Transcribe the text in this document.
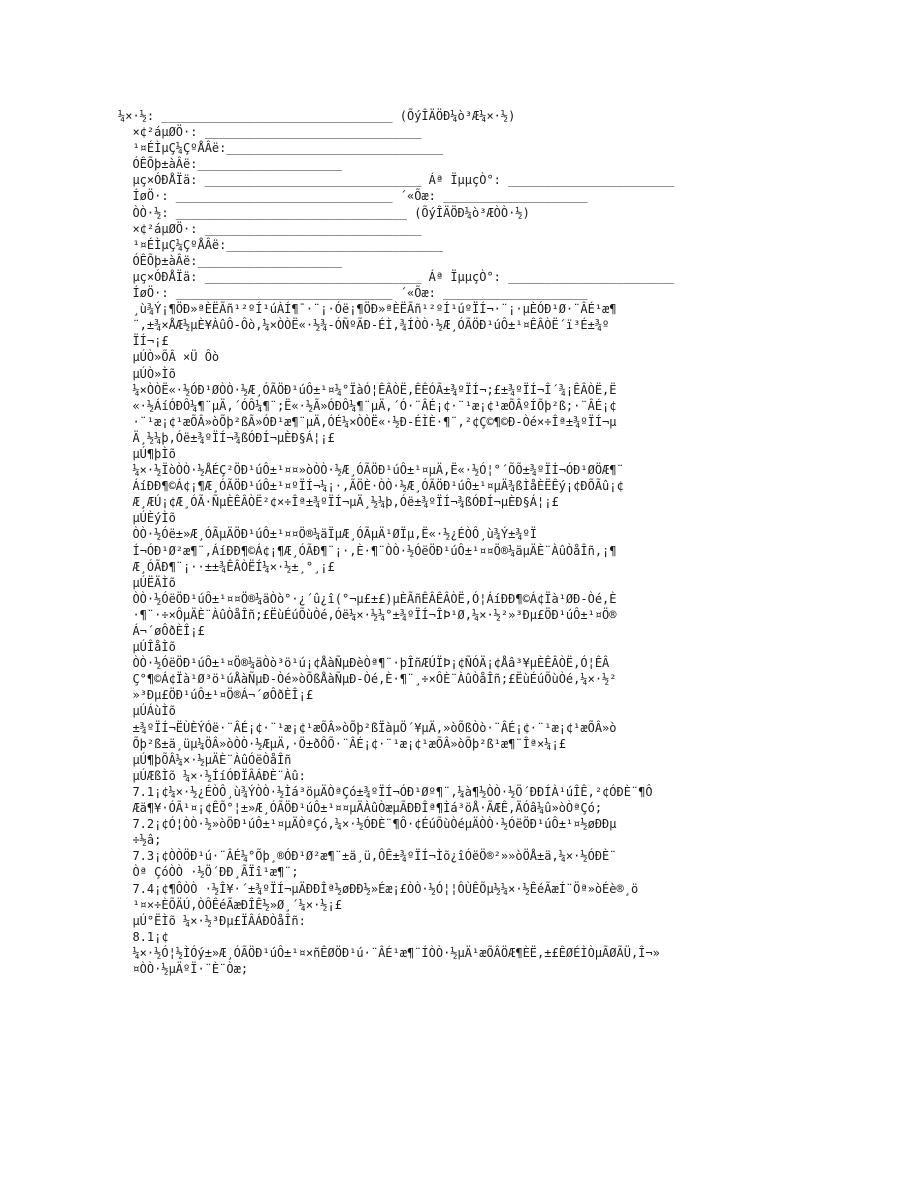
¼×·½: ________________________________ (ÕýÎÄÖÐ¼ò³Æ¼×·½)
×¢²áµØÖ·: ______________________________
¹¤ÉÌµÇ¼ÇºÅÂë:______________________________
ÓÊÕþ±àÂë:____________________
µç×ÓÐÅÏä: ______________________________ Áª ÏµµçÒ°: _______________________
ÍøÖ·: ______________________________ ´«Õæ: ____________________
ÒÒ·½: ________________________________ (ÕýÎÄÖÐ¼ò³ÆÒÒ·½)
×¢²áµØÖ·: ______________________________
¹¤ÉÌµÇ¼ÇºÅÂë:______________________________
ÓÊÕþ±àÂë:____________________
µç×ÓÐÅÏä: ______________________________ Áª ÏµµçÒ°: _______________________
ÍøÖ·: ______________________________ ´«Õæ: ____________________
¸ù¾Ý¡¶ÖÐ»ªÈËÃñ¹²ºÍ¹úÀÍ¶¯·¨¡·Óë¡¶ÖÐ»ªÈËÃñ¹²ºÍ¹úºÏÍ¬·¨¡·µÈÓÐ¹Ø·¨ÂÉ¹æ¶
¨,±¾×ÅÆ½µÈ¥ÀûÔ-Ôò,¼×ÒÒË«·½¾-ÓÑºÃÐ-ÉÌ,¾ÍÒÒ·½Æ¸ÓÃÖÐ¹úÔ±¹¤ÊÂÒË´ï³É±¾º
ÏÍ¬¡£
µÚÒ»ÕÂ ×Ü Ôò
µÚÒ»Ìõ
¼×ÒÒË«·½ÓÐ¹ØÒÒ·½Æ¸ÓÃÖÐ¹úÔ±¹¤¼°ÏàÓ¦ÊÂÒË,ÊÊÓÃ±¾ºÏÍ¬;£±¾ºÏÍ¬Î´¾¡ÊÂÒË,Ë
«·½ÁíÓÐÔ¼¶¨µÄ,´ÓÔ¼¶¨;Ë«·½Ã»ÓÐÔ¼¶¨µÄ,´Ó·¨ÂÉ¡¢·¨¹æ¡¢¹æÕÂºÍÕþ²ß;·¨ÂÉ¡¢
·¨¹æ¡¢¹æÕÂ»òÕþ²ßÃ»ÓÐ¹æ¶¨µÄ,ÓÉ¼×ÒÒË«·½Ð-ÉÌÈ·¶¨,²¢Ç©¶©Ð-Òé×÷Îª±¾ºÏÍ¬µ
Ä¸½¼þ,Óë±¾ºÏÍ¬¾ßÓÐÍ¬µÈÐ§Á¦¡£
µÚ¶þÌõ
¼×·½ÏòÒÒ·½ÅÉÇ²ÖÐ¹úÔ±¹¤¤»òÒÒ·½Æ¸ÓÃÖÐ¹úÔ±¹¤µÄ,Ë«·½Ó¦°´ÕÕ±¾ºÏÍ¬ÓÐ¹ØÖÆ¶¨
ÁíÐÐ¶©Á¢¡¶Æ¸ÓÃÖÐ¹úÔ±¹¤ºÏÍ¬¼¡·,ÃÖÈ·ÒÒ·½Æ¸ÓÃÖÐ¹úÔ±¹¤µÄ¾ßÌåÈËÊý¡¢ÐÕÃû¡¢
Æ¸ÆÚ¡¢Æ¸ÓÃ·ÑµÈÊÂÒË²¢×÷Îª±¾ºÏÍ¬µÄ¸½¼þ,Óë±¾ºÏÍ¬¾ßÓÐÍ¬µÈÐ§Á¦¡£
µÚÈýÌõ
ÒÒ·½Óë±»Æ¸ÓÃµÄÖÐ¹úÔ±¹¤¤Ö®¼äÏµÆ¸ÓÃµÄ¹ØÏµ,Ë«·½¿ÉÒÔ¸ù¾Ý±¾ºÏ
Í¬ÓÐ¹Ø²æ¶¨,ÁíÐÐ¶©Á¢¡¶Æ¸ÓÃÐ¶¨¡·,È·¶¨ÒÒ·½ÓëÖÐ¹úÔ±¹¤¤Ö®¼äµÄÈ¨ÀûÒåÎñ,¡¶
Æ¸ÓÃÐ¶¨¡··±±¾ÊÂÒËÍ¼×·½±¸°¸¡£
µÚËÄÌõ
ÒÒ·½ÓëÖÐ¹úÔ±¹¤¤Ö®¼äÒò°·¿´û¿î(°¬µ£±£)µÈÃñÊÂÊÂÒË,Ó¦ÁíÐÐ¶©Á¢Ïà¹ØÐ-Òé,È
·¶¨·÷×ÔµÄÈ¨ÀûÒåÎñ;£ËùÉúÕùÒé,Óë¼×·½¼°±¾ºÏÍ¬ÎÞ¹Ø,¼×·½²»³Ðµ£ÖÐ¹úÔ±¹¤Ö®
Á¬´øÔðÈÎ¡£
µÚÎåÌõ
ÒÒ·½ÓëÖÐ¹úÔ±¹¤Ö®¼äÒò³ö¹ú¡¢ÅàÑµÐèÒª¶¨·þÎñÆÚÏÞ¡¢ÑÓÄ¡¢Åâ³¥µÈÊÂÒË,Ó¦ÊÂ
Ç°¶©Á¢Ïà¹Ø³ö¹úÅàÑµÐ-Òé»òÕßÅàÑµÐ-Òé,È·¶¨¸÷×ÔÈ¨ÀûÒåÎñ;£ËùÉúÕùÒé,¼×·½²
»³Ðµ£ÖÐ¹úÔ±¹¤Ö®Á¬´øÔðÈÎ¡£
µÚÁùÌõ
±¾ºÏÍ¬ËÙÈÝÓë·¨ÂÉ¡¢·¨¹æ¡¢¹æÕÂ»òÕþ²ßÏàµÖ´¥µÄ,»òÕßÒò·¨ÂÉ¡¢·¨¹æ¡¢¹æÕÂ»ò
Õþ²ß±ä¸üµ¼ÖÂ»òÒÒ·½ÆµÄ,·Ö±ðÔÕ·¨ÂÉ¡¢·¨¹æ¡¢¹æÕÂ»òÕþ²ß¹æ¶¨Îª×¼¡£
µÚ¶þÕÂ¼×·½µÄÈ¨ÀûÓëÒåÎñ
µÚÆßÌõ ¼×·½ÍíÓÐÏÂÁÐÈ¨Àû:
7.1¡¢¼×·½¿ÉÒÔ¸ù¾ÝÒÒ·½Ìá³öµÄÒªÇó±¾ºÏÍ¬ÓÐ¹Øº¶¨,¼à¶½ÒÒ·½Ö´ÐÐÍÀ¹úÎÊ,²¢ÓÐÈ¨¶Ô
Æä¶¥·ÓÃ¹¤¡¢ÊÕ°¦±»Æ¸ÓÃÖÐ¹úÔ±¹¤¤µÄÀûÒæµÃÐÐÎª¶Ìá³öÅ·ÃÆÊ,ÄÓâ¼û»òÒªÇó;
7.2¡¢Ó¦ÒÒ·½»òÖÐ¹úÔ±¹¤µÄÒªÇó,¼×·½ÓÐÈ¨¶Ô·¢ÉúÕùÒéµÄÒÒ·½ÓëÖÐ¹úÔ±¹¤½øÐÐµ
÷½â;
7.3¡¢ÒÒÖÐ¹ú·¨ÂÉ¼°Õþ¸®ÓÐ¹Ø²æ¶¨±ä¸ü,ÔÊ±¾ºÏÍ¬Ìõ¿îÓëÖ®²»»òÖÅ±ä,¼×·½ÓÐÈ¨
Òª ÇóÒÒ ·½Ö´ÐÐ¸ÃÏî¹æ¶¨;
7.4¡¢¶ÔÒÒ ·½Î¥·´±¾ºÏÍ¬µÄÐÐÎª½øÐÐ½»Éæ¡£ÒÒ·½Ó¦¦ÔÙÊÕµ½¼×·½ÊéÃæÍ¨Öª»òÉè®¸ö
¹¤×÷ÈÕÄÚ,ÒÔÊéÃæÐÎÊ½»Ø¸´¼×·½¡£
µÚ°ËÌõ ¼×·½³Ðµ£ÏÂÁÐÒåÎñ:
8.1¡¢
¼×·½Ó¦½ÌÓý±»Æ¸ÓÃÖÐ¹úÔ±¹¤×ñÊØÖÐ¹ú·¨ÂÉ¹æ¶¨ÍÒÒ·½µÄ¹æÕÂÖÆ¶ÈË,±£ÊØÉÌÒµÃØÃÜ,Î¬»
¤ÒÒ·½µÄºÏ·¨È¨Òæ;
